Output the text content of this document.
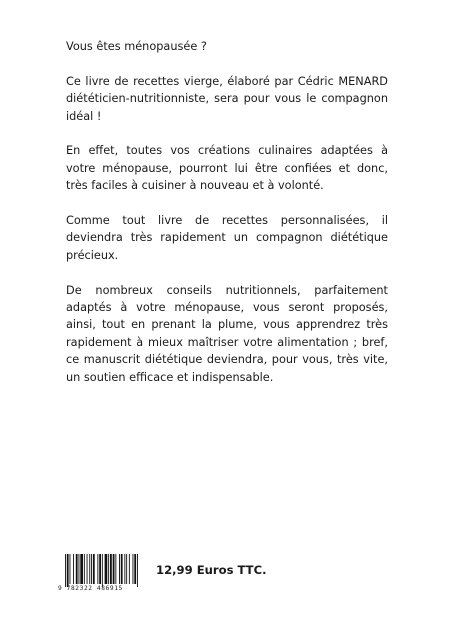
Vous êtes ménopausée ?

Ce livre de recettes vierge, élaboré par Cédric MENARD diététicien-nutritionniste, sera pour vous le compagnon idéal !

En effet, toutes vos créations culinaires adaptées à votre ménopause, pourront lui être confiées et donc, très faciles à cuisiner à nouveau et à volonté.

Comme tout livre de recettes personnalisées, il deviendra très rapidement un compagnon diététique précieux.

De nombreux conseils nutritionnels, parfaitement adaptés à votre ménopause, vous seront proposés, ainsi, tout en prenant la plume, vous apprendrez très rapidement à mieux maîtriser votre alimentation ; bref, ce manuscrit diététique deviendra, pour vous, très vite, un soutien efficace et indispensable.

9 782322 486915
12,99 Euros TTC.
